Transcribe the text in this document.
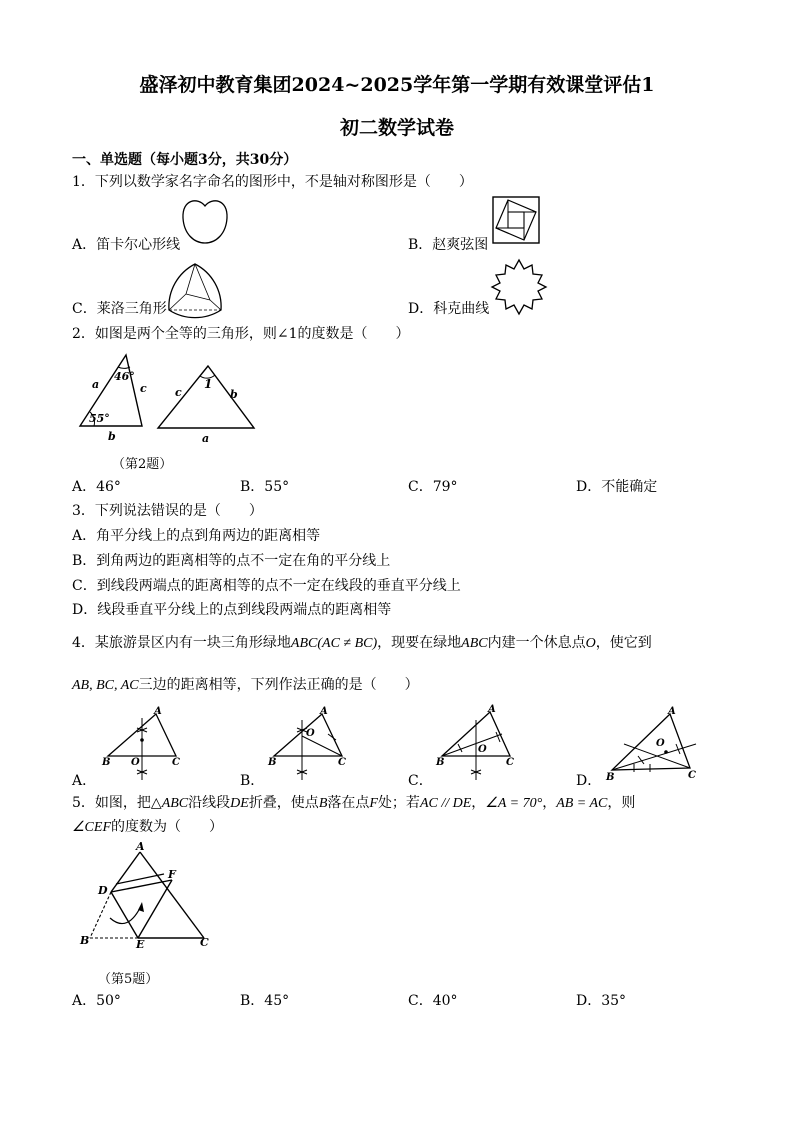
盛泽初中教育集团2024~2025学年第一学期有效课堂评估1
初二数学试卷
一、单选题（每小题3分，共30分）
1．下列以数学家名字命名的图形中，不是轴对称图形是（　　）
A．笛卡尔心形线	B．赵爽弦图
C．莱洛三角形	D．科克曲线
2．如图是两个全等的三角形，则∠1的度数是（　　）
46°
55°
a	c
b
1
c	b
a
（第2题）
A．46°	B．55°	C．79°	D．不能确定
3．下列说法错误的是（　　）
A．角平分线上的点到角两边的距离相等
B．到角两边的距离相等的点不一定在角的平分线上
C．到线段两端点的距离相等的点不一定在线段的垂直平分线上
D．线段垂直平分线上的点到线段两端点的距离相等
4．某旅游景区内有一块三角形绿地ABC(AC ≠ BC)，现要在绿地ABC内建一个休息点O，使它到
AB, BC, AC三边的距离相等，下列作法正确的是（　　）
A．
A
B	C
O
B．
A
B	C
O
C．
A
B	C
O
D．
A
B	C
O
5．如图，把△ABC沿线段DE折叠，使点B落在点F处；若AC // DE，∠A = 70°，AB = AC，则
∠CEF的度数为（　　）
A
D
F
B	E	C
（第5题）
A．50°	B．45°	C．40°	D．35°
